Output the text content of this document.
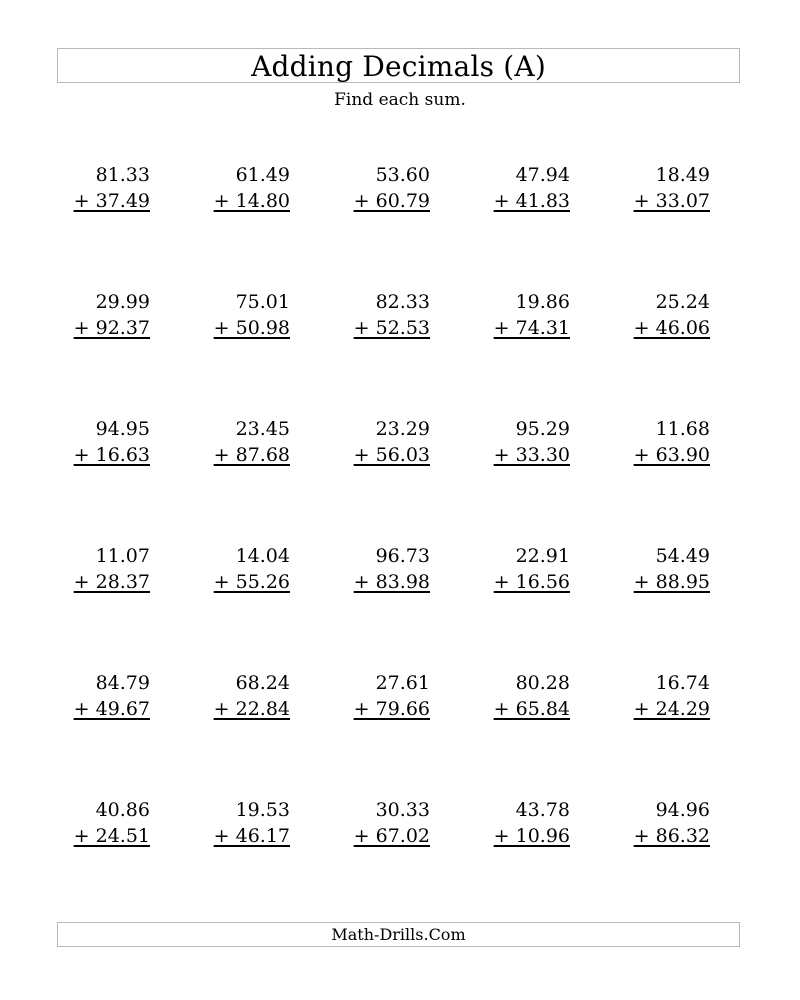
Adding Decimals (A)
Find each sum.
81.33
+ 37.49
61.49
+ 14.80
53.60
+ 60.79
47.94
+ 41.83
18.49
+ 33.07
29.99
+ 92.37
75.01
+ 50.98
82.33
+ 52.53
19.86
+ 74.31
25.24
+ 46.06
94.95
+ 16.63
23.45
+ 87.68
23.29
+ 56.03
95.29
+ 33.30
11.68
+ 63.90
11.07
+ 28.37
14.04
+ 55.26
96.73
+ 83.98
22.91
+ 16.56
54.49
+ 88.95
84.79
+ 49.67
68.24
+ 22.84
27.61
+ 79.66
80.28
+ 65.84
16.74
+ 24.29
40.86
+ 24.51
19.53
+ 46.17
30.33
+ 67.02
43.78
+ 10.96
94.96
+ 86.32
Math-Drills.Com
